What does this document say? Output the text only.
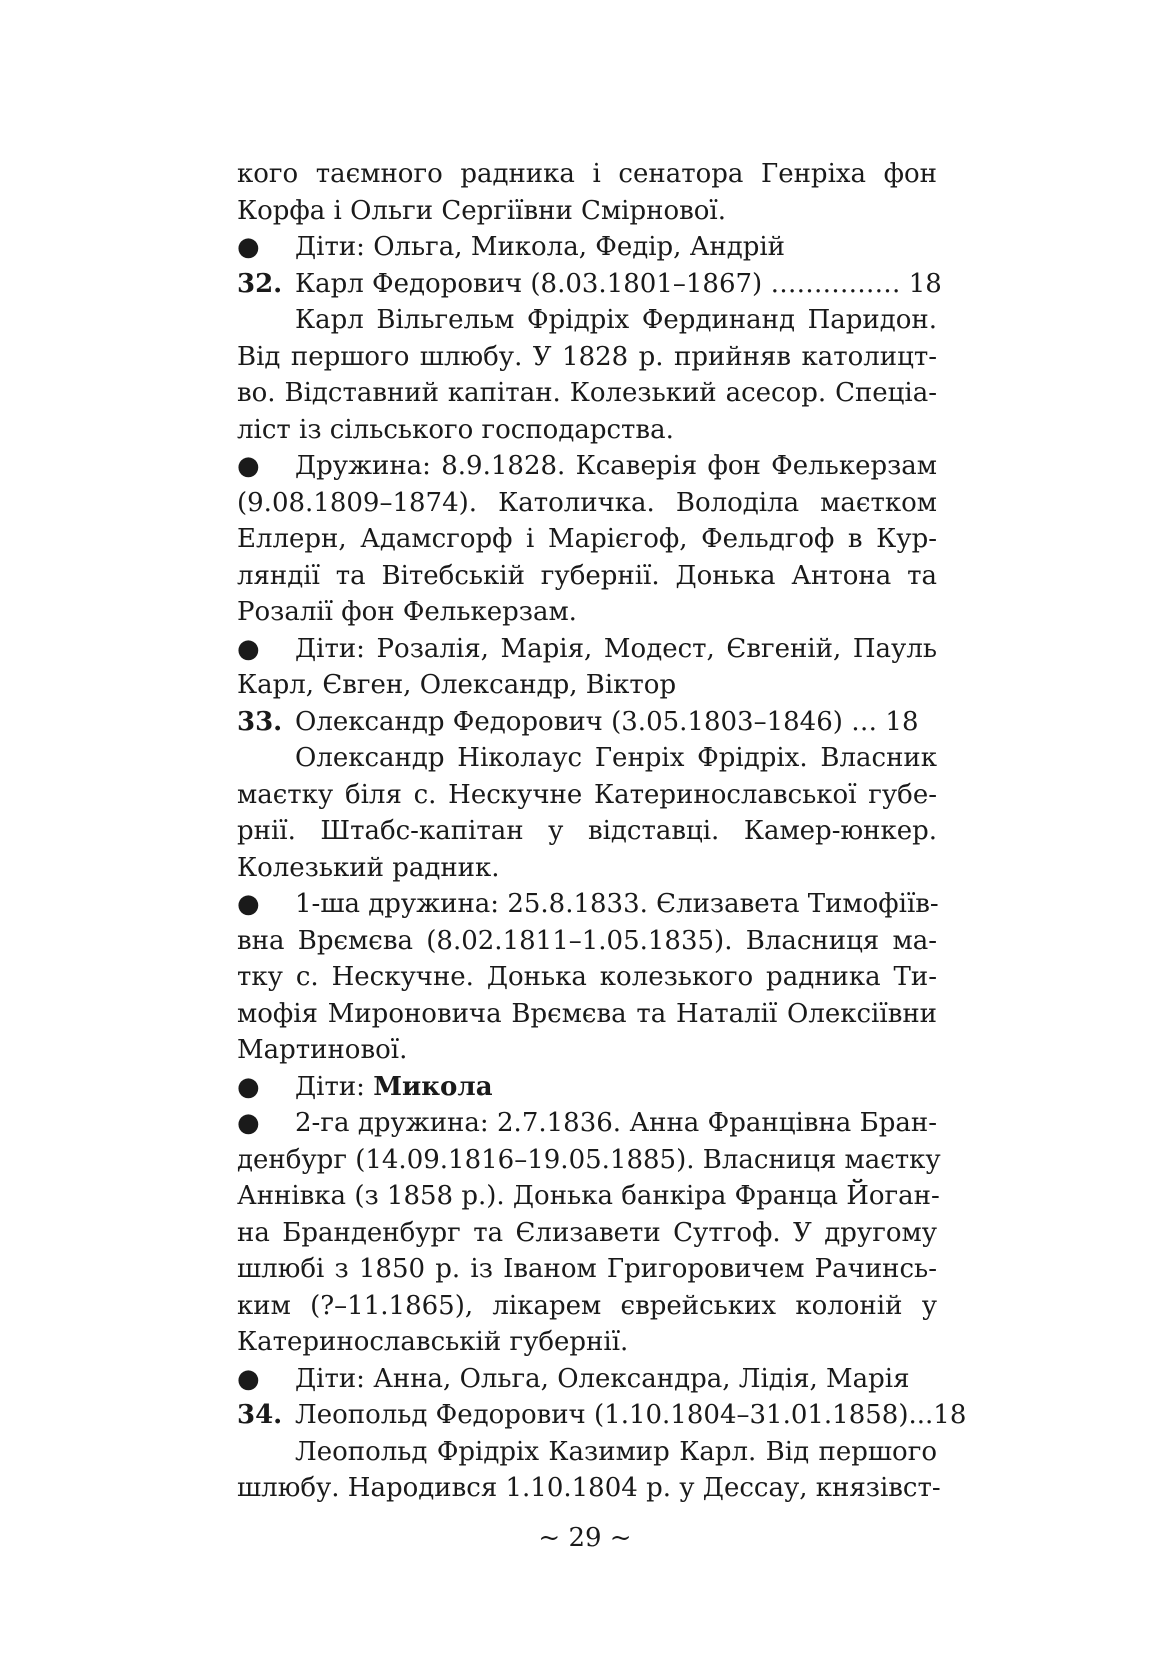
кого таємного радника і сенатора Генріха фон
Корфа і Ольги Сергіївни Смірнової.
● Діти: Ольга, Микола, Федір, Андрій
32. Карл Федорович (8.03.1801–1867) …………… 18
Карл Вільгельм Фрідріх Фердинанд Паридон.
Від першого шлюбу. У 1828 р. прийняв католицт-
во. Відставний капітан. Колезький асесор. Спеціа-
ліст із сільського господарства.
● Дружина: 8.9.1828. Ксаверія фон Фелькерзам
(9.08.1809–1874). Католичка. Володіла маєтком
Еллерн, Адамсгорф і Марієгоф, Фельдгоф в Кур-
ляндії та Вітебській губернії. Донька Антона та
Розалії фон Фелькерзам.
● Діти: Розалія, Марія, Модест, Євгеній, Пауль
Карл, Євген, Олександр, Віктор
33. Олександр Федорович (3.05.1803–1846) … 18
Олександр Ніколаус Генріх Фрідріх. Власник
маєтку біля с. Нескучне Катеринославської губе-
рнії. Штабс-капітан у відставці. Камер-юнкер.
Колезький радник.
● 1-ша дружина: 25.8.1833. Єлизавета Тимофіїв-
вна Врємєва (8.02.1811–1.05.1835). Власниця ма-
тку с. Нескучне. Донька колезького радника Ти-
мофія Мироновича Врємєва та Наталії Олексіївни
Мартинової.
● Діти: Микола
● 2-га дружина: 2.7.1836. Анна Францівна Бран-
денбург (14.09.1816–19.05.1885). Власниця маєтку
Аннівка (з 1858 р.). Донька банкіра Франца Йоган-
на Бранденбург та Єлизавети Сутгоф. У другому
шлюбі з 1850 р. із Іваном Григоровичем Рачинсь-
ким (?–11.1865), лікарем єврейських колоній у
Катеринославській губернії.
● Діти: Анна, Ольга, Олександра, Лідія, Марія
34. Леопольд Федорович (1.10.1804–31.01.1858)...18
Леопольд Фрідріх Казимир Карл. Від першого
шлюбу. Народився 1.10.1804 р. у Дессау, князівст-
~ 29 ~
